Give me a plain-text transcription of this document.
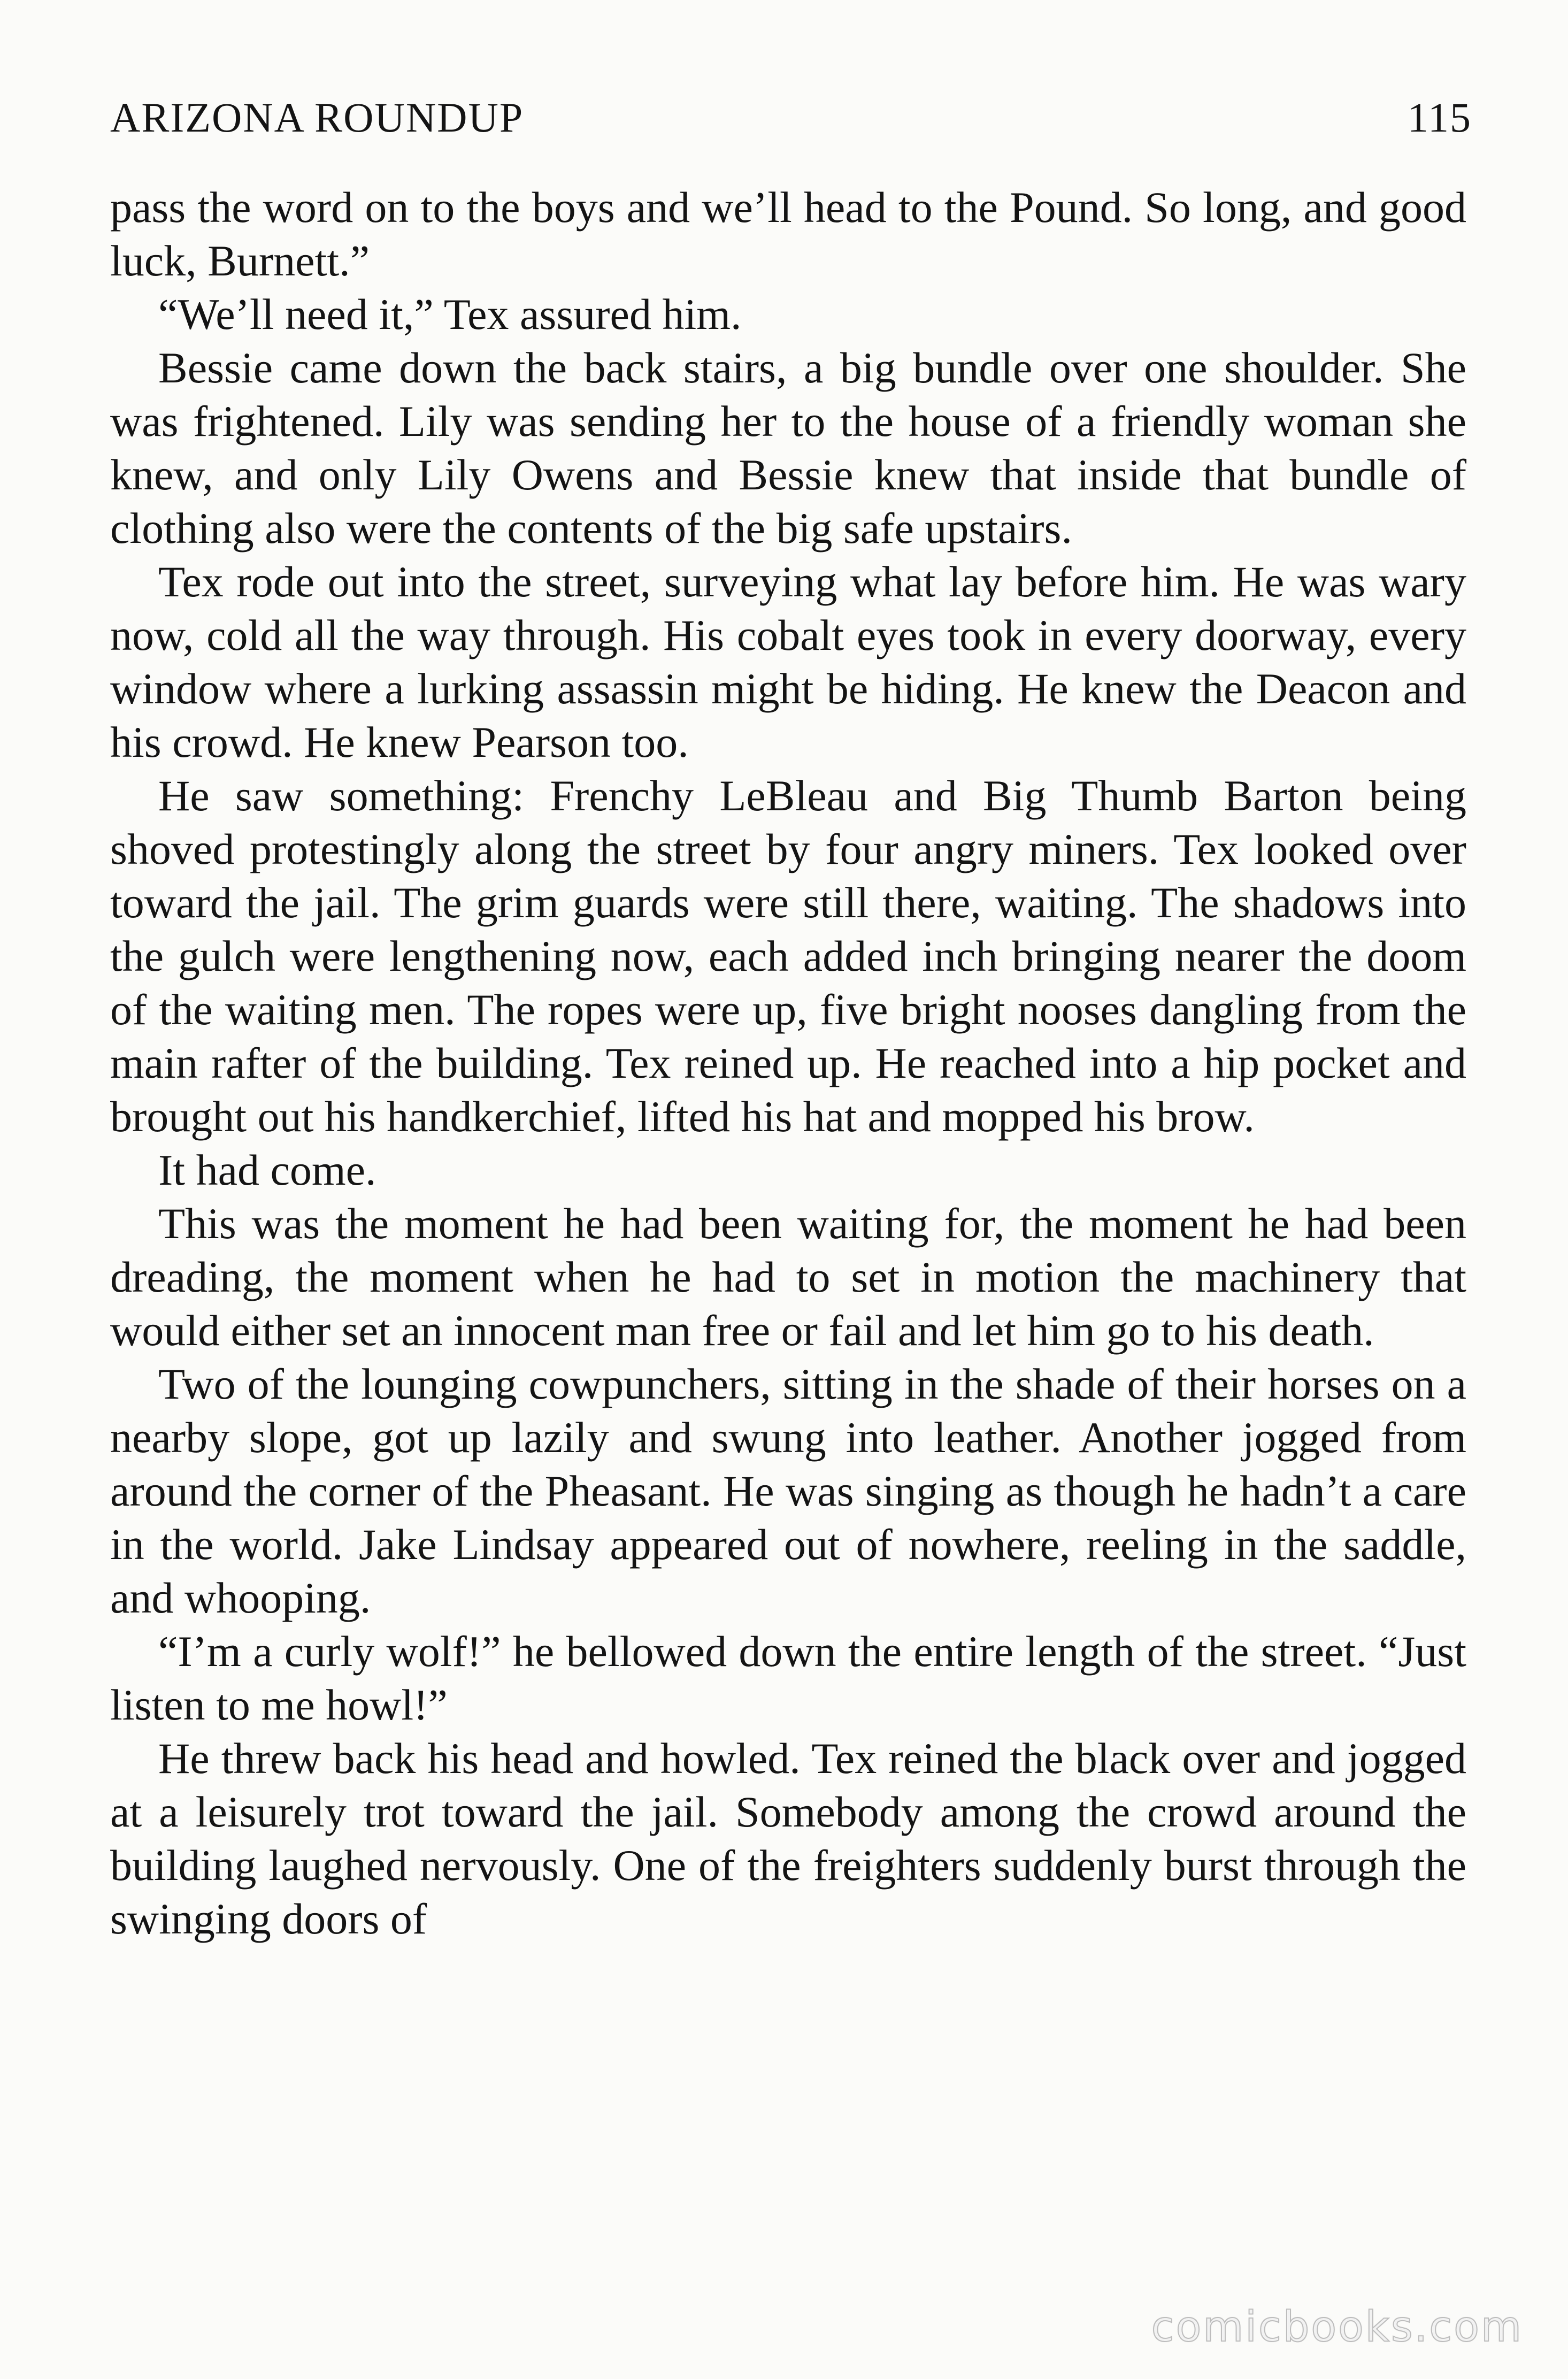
ARIZONA ROUNDUP	115

pass the word on to the boys and we’ll head to the Pound. So long, and good luck, Burnett.”

“We’ll need it,” Tex assured him.

Bessie came down the back stairs, a big bundle over one shoulder. She was frightened. Lily was sending her to the house of a friendly woman she knew, and only Lily Owens and Bessie knew that inside that bundle of clothing also were the contents of the big safe upstairs.

Tex rode out into the street, surveying what lay before him. He was wary now, cold all the way through. His cobalt eyes took in every doorway, every window where a lurking assassin might be hiding. He knew the Deacon and his crowd. He knew Pearson too.

He saw something: Frenchy LeBleau and Big Thumb Barton being shoved protestingly along the street by four angry miners. Tex looked over toward the jail. The grim guards were still there, waiting. The shadows into the gulch were lengthening now, each added inch bringing nearer the doom of the waiting men. The ropes were up, five bright nooses dangling from the main rafter of the building. Tex reined up. He reached into a hip pocket and brought out his handkerchief, lifted his hat and mopped his brow.

It had come.

This was the moment he had been waiting for, the moment he had been dreading, the moment when he had to set in motion the machinery that would either set an innocent man free or fail and let him go to his death.

Two of the lounging cowpunchers, sitting in the shade of their horses on a nearby slope, got up lazily and swung into leather. Another jogged from around the corner of the Pheasant. He was singing as though he hadn’t a care in the world. Jake Lindsay appeared out of nowhere, reeling in the saddle, and whooping.

“I’m a curly wolf!” he bellowed down the entire length of the street. “Just listen to me howl!”

He threw back his head and howled. Tex reined the black over and jogged at a leisurely trot toward the jail. Somebody among the crowd around the building laughed nervously. One of the freighters suddenly burst through the swinging doors of

comicbooks.com
